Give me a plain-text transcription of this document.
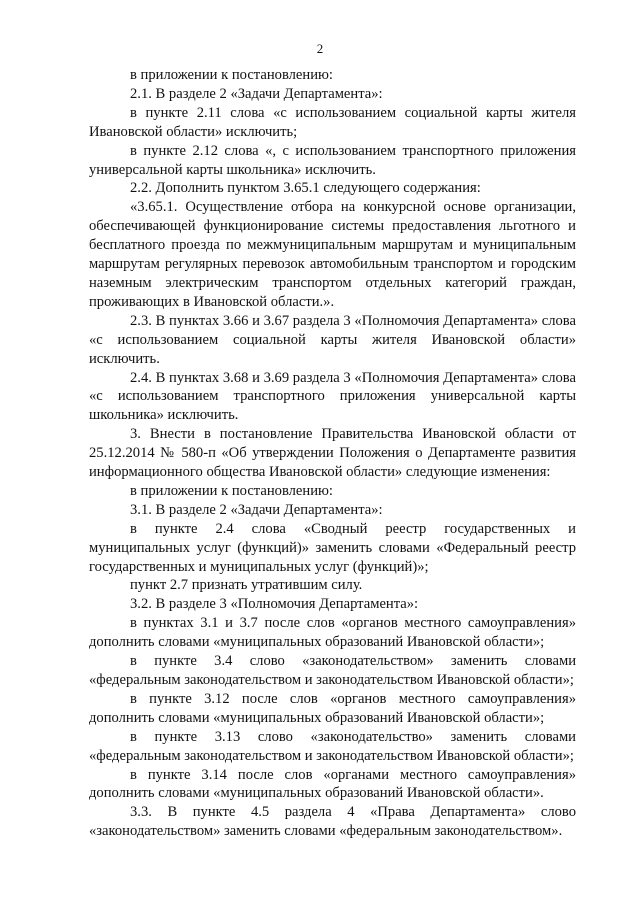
2

в приложении к постановлению:

2.1. В разделе 2 «Задачи Департамента»:

в пункте 2.11 слова «с использованием социальной карты жителя Ивановской области» исключить;

в пункте 2.12 слова «, с использованием транспортного приложения универсальной карты школьника» исключить.

2.2. Дополнить пунктом 3.65.1 следующего содержания:

«3.65.1. Осуществление отбора на конкурсной основе организации, обеспечивающей функционирование системы предоставления льготного и бесплатного проезда по межмуниципальным маршрутам и муниципальным маршрутам регулярных перевозок автомобильным транспортом и городским наземным электрическим транспортом отдельных категорий граждан, проживающих в Ивановской области.».

2.3. В пунктах 3.66 и 3.67 раздела 3 «Полномочия Департамента» слова «с использованием социальной карты жителя Ивановской области» исключить.

2.4. В пунктах 3.68 и 3.69 раздела 3 «Полномочия Департамента» слова «с использованием транспортного приложения универсальной карты школьника» исключить.

3. Внести в постановление Правительства Ивановской области от 25.12.2014 № 580-п «Об утверждении Положения о Департаменте развития информационного общества Ивановской области» следующие изменения:

в приложении к постановлению:

3.1. В разделе 2 «Задачи Департамента»:

в пункте 2.4 слова «Сводный реестр государственных и муниципальных услуг (функций)» заменить словами «Федеральный реестр государственных и муниципальных услуг (функций)»;

пункт 2.7 признать утратившим силу.

3.2. В разделе 3 «Полномочия Департамента»:

в пунктах 3.1 и 3.7 после слов «органов местного самоуправления» дополнить словами «муниципальных образований Ивановской области»;

в пункте 3.4 слово «законодательством» заменить словами «федеральным законодательством и законодательством Ивановской области»;

в пункте 3.12 после слов «органов местного самоуправления» дополнить словами «муниципальных образований Ивановской области»;

в пункте 3.13 слово «законодательство» заменить словами «федеральным законодательством и законодательством Ивановской области»;

в пункте 3.14 после слов «органами местного самоуправления» дополнить словами «муниципальных образований Ивановской области».

3.3. В пункте 4.5 раздела 4 «Права Департамента» слово «законодательством» заменить словами «федеральным законодательством».
